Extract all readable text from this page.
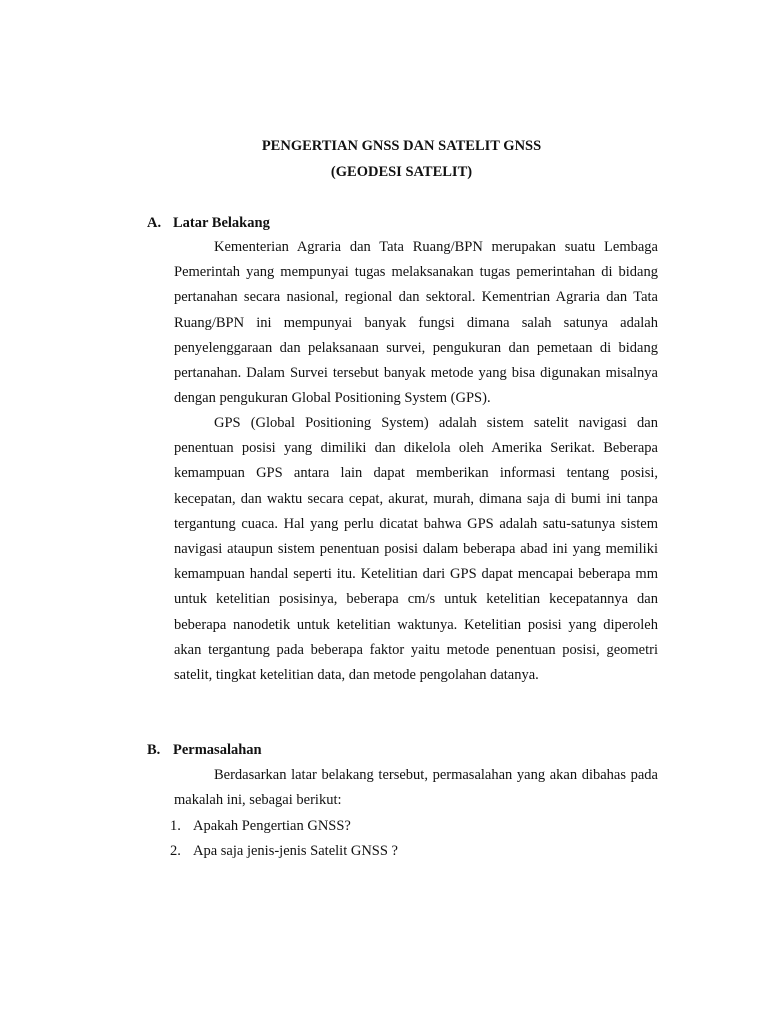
PENGERTIAN GNSS DAN SATELIT GNSS
(GEODESI SATELIT)
A. Latar Belakang

Kementerian Agraria dan Tata Ruang/BPN merupakan suatu Lembaga Pemerintah yang mempunyai tugas melaksanakan tugas pemerintahan di bidang pertanahan secara nasional, regional dan sektoral. Kementrian Agraria dan Tata Ruang/BPN ini mempunyai banyak fungsi dimana salah satunya adalah penyelenggaraan dan pelaksanaan survei, pengukuran dan pemetaan di bidang pertanahan. Dalam Survei tersebut banyak metode yang bisa digunakan misalnya dengan pengukuran Global Positioning System (GPS).

GPS (Global Positioning System) adalah sistem satelit navigasi dan penentuan posisi yang dimiliki dan dikelola oleh Amerika Serikat. Beberapa kemampuan GPS antara lain dapat memberikan informasi tentang posisi, kecepatan, dan waktu secara cepat, akurat, murah, dimana saja di bumi ini tanpa tergantung cuaca. Hal yang perlu dicatat bahwa GPS adalah satu-satunya sistem navigasi ataupun sistem penentuan posisi dalam beberapa abad ini yang memiliki kemampuan handal seperti itu. Ketelitian dari GPS dapat mencapai beberapa mm untuk ketelitian posisinya, beberapa cm/s untuk ketelitian kecepatannya dan beberapa nanodetik untuk ketelitian waktunya. Ketelitian posisi yang diperoleh akan tergantung pada beberapa faktor yaitu metode penentuan posisi, geometri satelit, tingkat ketelitian data, dan metode pengolahan datanya.

B. Permasalahan

Berdasarkan latar belakang tersebut, permasalahan yang akan dibahas pada makalah ini, sebagai berikut:

1. Apakah Pengertian GNSS?
2. Apa saja jenis-jenis Satelit GNSS ?
